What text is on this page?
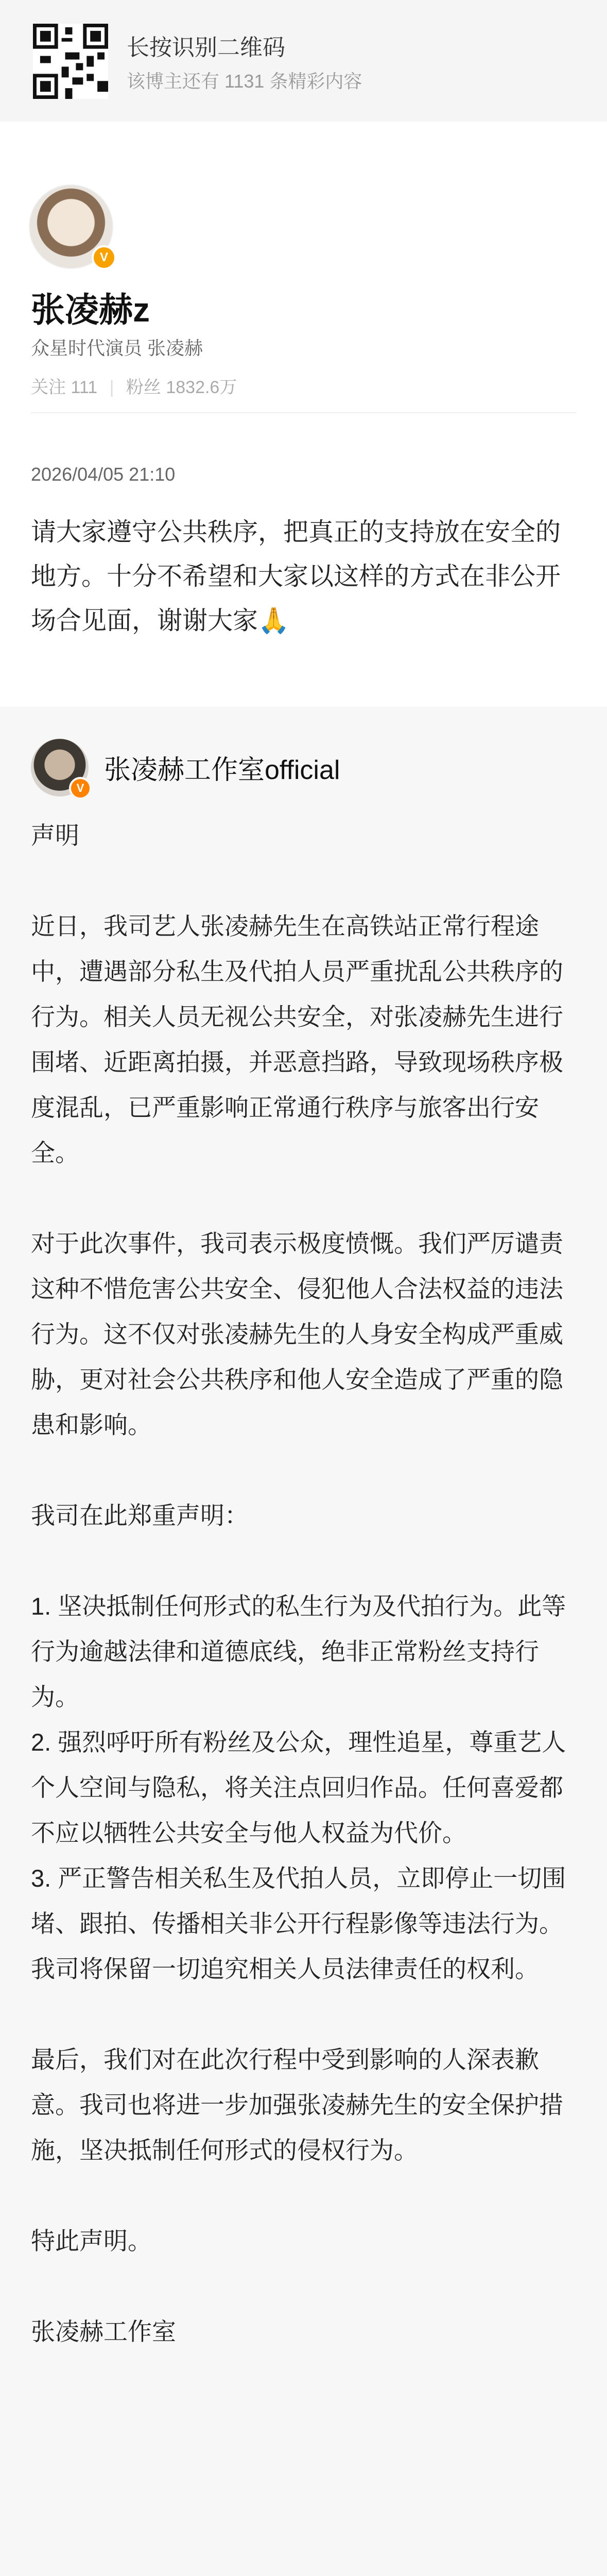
长按识别二维码
该博主还有 1131 条精彩内容
V
张凌赫z
众星时代演员 张凌赫
关注 111 | 粉丝 1832.6万
2026/04/05 21:10
请大家遵守公共秩序，把真正的支持放在安全的地方。十分不希望和大家以这样的方式在非公开场合见面，谢谢大家🙏
V
张凌赫工作室official
声明

近日，我司艺人张凌赫先生在高铁站正常行程途中，遭遇部分私生及代拍人员严重扰乱公共秩序的行为。相关人员无视公共安全，对张凌赫先生进行围堵、近距离拍摄，并恶意挡路，导致现场秩序极度混乱，已严重影响正常通行秩序与旅客出行安全。

对于此次事件，我司表示极度愤慨。我们严厉谴责这种不惜危害公共安全、侵犯他人合法权益的违法行为。这不仅对张凌赫先生的人身安全构成严重威胁，更对社会公共秩序和他人安全造成了严重的隐患和影响。

我司在此郑重声明：

1. 坚决抵制任何形式的私生行为及代拍行为。此等行为逾越法律和道德底线，绝非正常粉丝支持行为。
2. 强烈呼吁所有粉丝及公众，理性追星，尊重艺人个人空间与隐私，将关注点回归作品。任何喜爱都不应以牺牲公共安全与他人权益为代价。
3. 严正警告相关私生及代拍人员，立即停止一切围堵、跟拍、传播相关非公开行程影像等违法行为。我司将保留一切追究相关人员法律责任的权利。

最后，我们对在此次行程中受到影响的人深表歉意。我司也将进一步加强张凌赫先生的安全保护措施，坚决抵制任何形式的侵权行为。

特此声明。

张凌赫工作室
